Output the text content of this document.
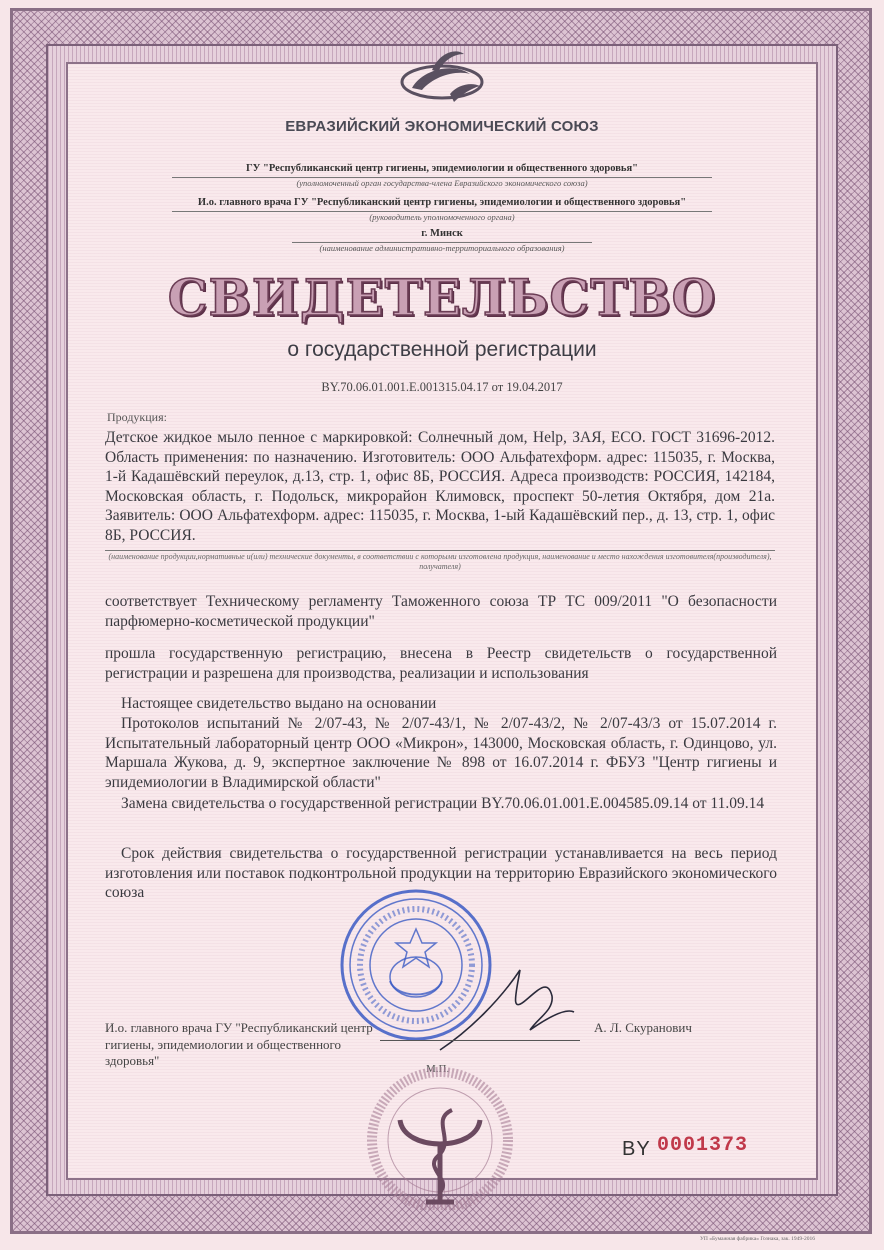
ЕВРАЗИЙСКИЙ ЭКОНОМИЧЕСКИЙ СОЮЗ
ГУ "Республиканский центр гигиены, эпидемиологии и общественного здоровья"
(уполномоченный орган государства-члена Евразийского экономического союза)
И.о. главного врача ГУ "Республиканский центр гигиены, эпидемиологии и общественного здоровья"
(руководитель уполномоченного органа)
г. Минск
(наименование административно-территориального образования)
СВИДЕТЕЛЬСТВО
о государственной регистрации
BY.70.06.01.001.E.001315.04.17 от 19.04.2017
Продукция:
Детское жидкое мыло пенное с маркировкой: Солнечный дом, Help, ЗАЯ, ECO. ГОСТ 31696-2012. Область применения: по назначению. Изготовитель: ООО Альфатехформ. адрес: 115035, г. Москва, 1-й Кадашёвский переулок, д.13, стр. 1, офис 8Б, РОССИЯ. Адреса производств: РОССИЯ, 142184, Московская область, г. Подольск, микрорайон Климовск, проспект 50-летия Октября, дом 21а. Заявитель: ООО Альфатехформ. адрес: 115035, г. Москва, 1-ый Кадашёвский пер., д. 13, стр. 1, офис 8Б, РОССИЯ.
(наименование продукции,нормативные и(или) технические документы, в соответствии с которыми изготовлена продукция, наименование и место нахождения изготовителя(производителя), получателя)
соответствует Техническому регламенту Таможенного союза ТР ТС 009/2011 "О безопасности парфюмерно-косметической продукции"
прошла государственную регистрацию, внесена в Реестр свидетельств о государственной регистрации и разрешена для производства, реализации и использования
Настоящее свидетельство выдано на основании
Протоколов испытаний № 2/07-43, № 2/07-43/1, № 2/07-43/2, № 2/07-43/3 от 15.07.2014 г. Испытательный лабораторный центр ООО «Микрон», 143000, Московская область, г. Одинцово, ул. Маршала Жукова, д. 9, экспертное заключение № 898 от 16.07.2014 г. ФБУЗ "Центр гигиены и эпидемиологии в Владимирской области"
Замена свидетельства о государственной регистрации BY.70.06.01.001.E.004585.09.14 от 11.09.14
Срок действия свидетельства о государственной регистрации устанавливается на весь период изготовления или поставок подконтрольной продукции на территорию Евразийского экономического союза
И.о. главного врача ГУ "Республиканский центр гигиены, эпидемиологии и общественного здоровья"
А. Л. Скуранович
М.П.
BY 0001373
УП «Бумажная фабрика» Гознака, зак. 1949-2016
